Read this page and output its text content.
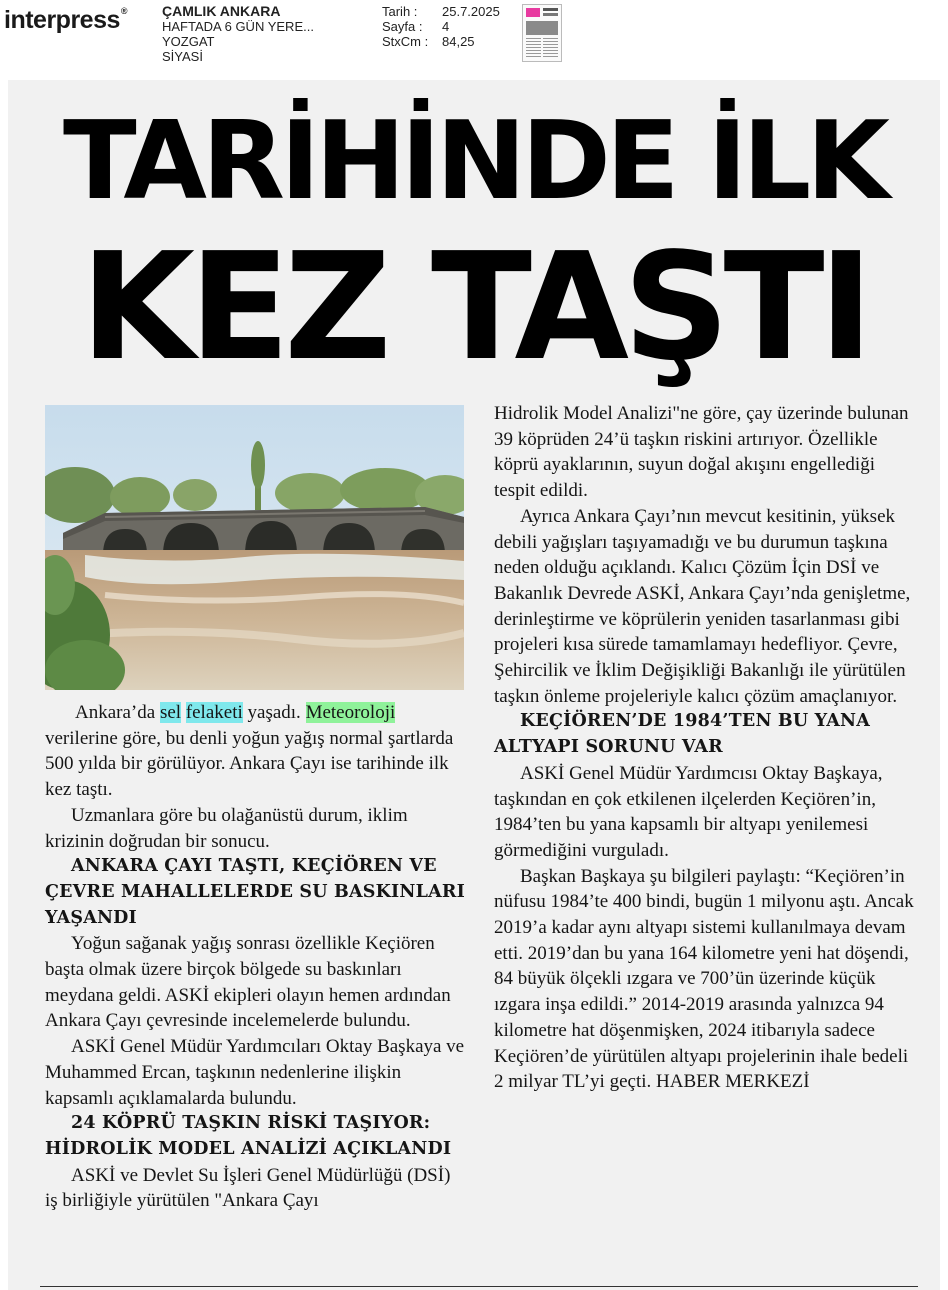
interpress® ÇAMLIK ANKARA
HAFTADA 6 GÜN YERE...
YOZGAT
SİYASİ
Tarih :	25.7.2025
Sayfa :	4
StxCm :	84,25
TARİHİNDE İLK
KEZ TAŞTI

Ankara’da sel felaketi yaşadı. Meteoroloji verilerine göre, bu denli yoğun yağış normal şartlarda 500 yılda bir görülüyor. Ankara Çayı ise tarihinde ilk kez taştı.

Uzmanlara göre bu olağanüstü durum, iklim krizinin doğrudan bir sonucu.

ANKARA ÇAYI TAŞTI, KEÇİÖREN VE ÇEVRE MAHALLELERDE SU BASKINLARI YAŞANDI

Yoğun sağanak yağış sonrası özellikle Keçiören başta olmak üzere birçok bölgede su baskınları meydana geldi. ASKİ ekipleri olayın hemen ardından Ankara Çayı çevresinde incelemelerde bulundu.

ASKİ Genel Müdür Yardımcıları Oktay Başkaya ve Muhammed Ercan, taşkının nedenlerine ilişkin kapsamlı açıklamalarda bulundu.

24 KÖPRÜ TAŞKIN RİSKİ TAŞIYOR: HİDROLİK MODEL ANALİZİ AÇIKLANDI

ASKİ ve Devlet Su İşleri Genel Müdürlüğü (DSİ) iş birliğiyle yürütülen "Ankara Çayı

Hidrolik Model Analizi"ne göre, çay üzerinde bulunan 39 köprüden 24’ü taşkın riskini artırıyor. Özellikle köprü ayaklarının, suyun doğal akışını engellediği tespit edildi.

Ayrıca Ankara Çayı’nın mevcut kesitinin, yüksek debili yağışları taşıyamadığı ve bu durumun taşkına neden olduğu açıklandı. Kalıcı Çözüm İçin DSİ ve Bakanlık Devrede ASKİ, Ankara Çayı’nda genişletme, derinleştirme ve köprülerin yeniden tasarlanması gibi projeleri kısa sürede tamamlamayı hedefliyor. Çevre, Şehircilik ve İklim Değişikliği Bakanlığı ile yürütülen taşkın önleme projeleriyle kalıcı çözüm amaçlanıyor.

KEÇİÖREN’DE 1984’TEN BU YANA ALTYAPI SORUNU VAR

ASKİ Genel Müdür Yardımcısı Oktay Başkaya, taşkından en çok etkilenen ilçelerden Keçiören’in, 1984’ten bu yana kapsamlı bir altyapı yenilemesi görmediğini vurguladı.

Başkan Başkaya şu bilgileri paylaştı: “Keçiören’in nüfusu 1984’te 400 bindi, bugün 1 milyonu aştı. Ancak 2019’a kadar aynı altyapı sistemi kullanılmaya devam etti. 2019’dan bu yana 164 kilometre yeni hat döşendi, 84 büyük ölçekli ızgara ve 700’ün üzerinde küçük ızgara inşa edildi.” 2014-2019 arasında yalnızca 94 kilometre hat döşenmişken, 2024 itibarıyla sadece Keçiören’de yürütülen altyapı projelerinin ihale bedeli 2 milyar TL’yi geçti. HABER MERKEZİ
